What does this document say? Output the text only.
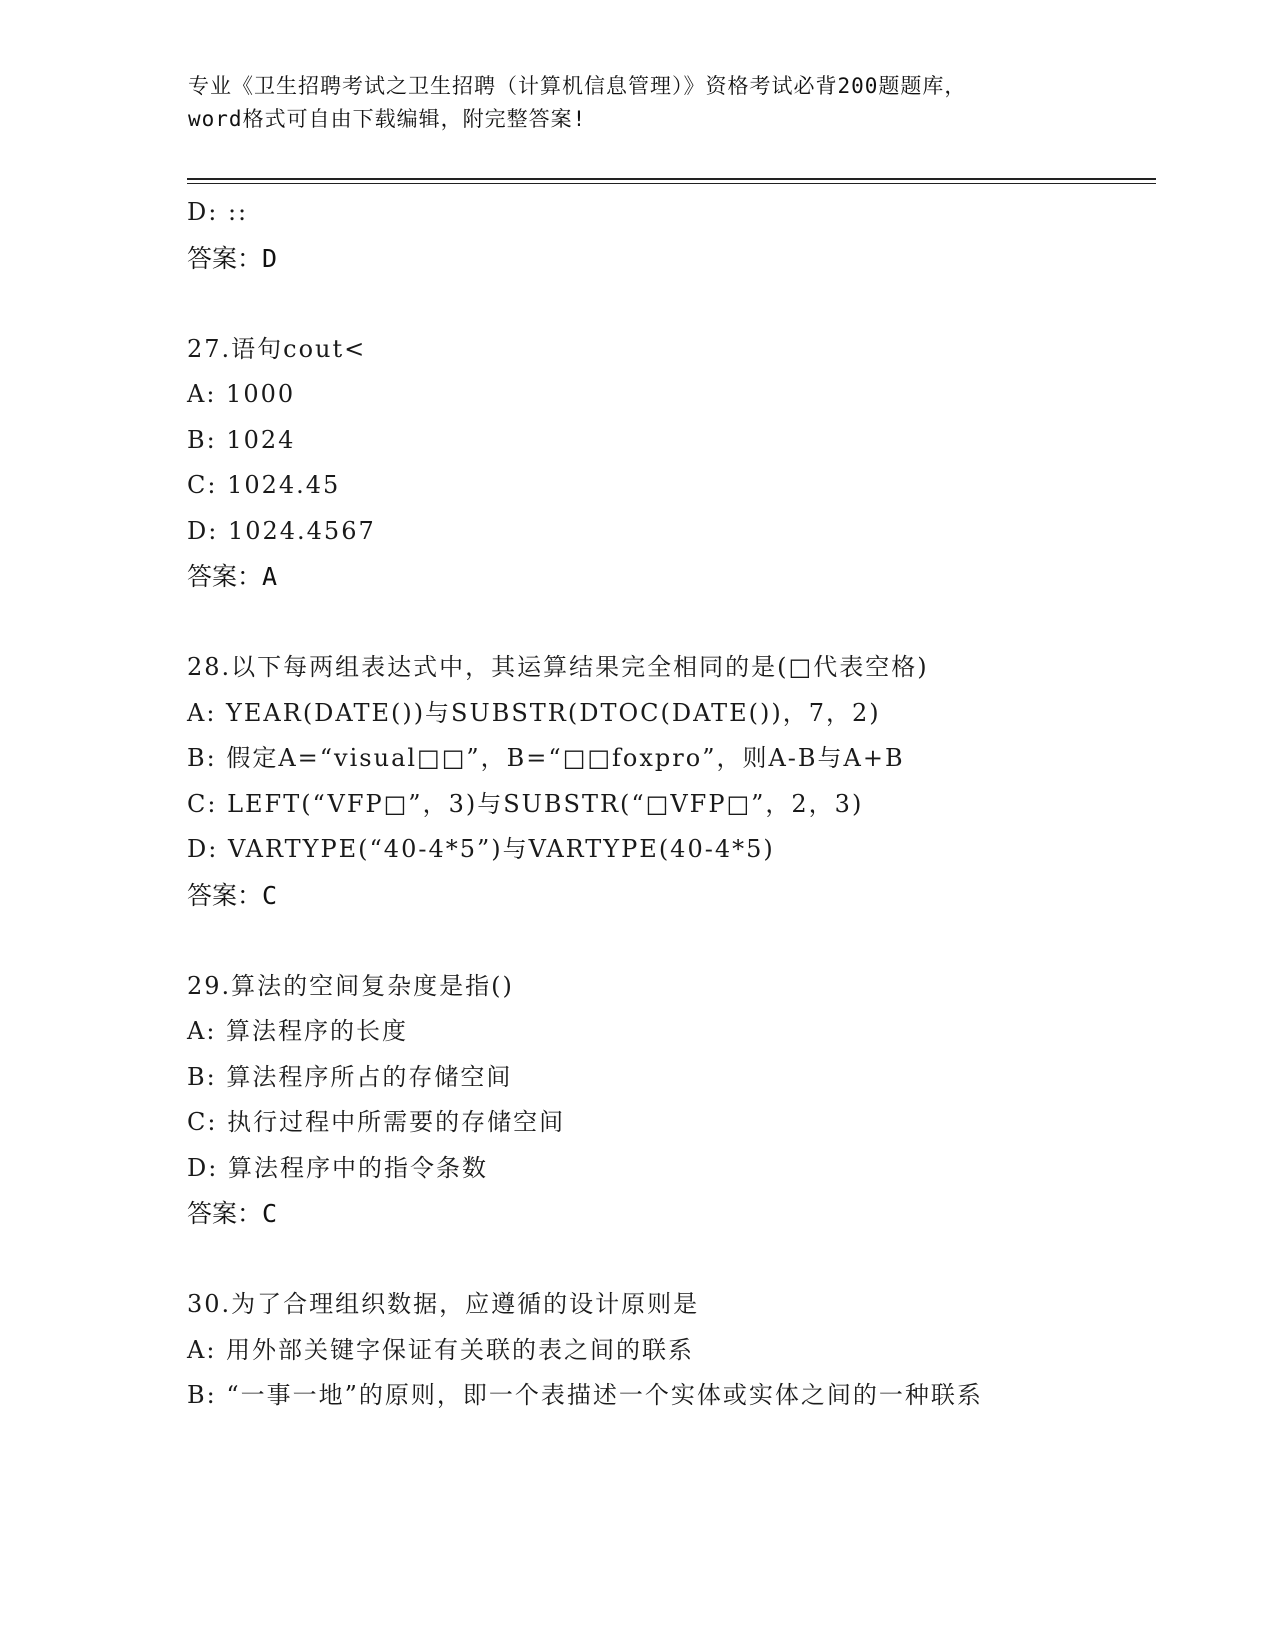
专业《卫生招聘考试之卫生招聘（计算机信息管理）》资格考试必背200题题库，
word格式可自由下载编辑，附完整答案!
D: ::
答案：D
27.语句cout<
A: 1000
B: 1024
C: 1024.45
D: 1024.4567
答案：A
28.以下每两组表达式中，其运算结果完全相同的是(□代表空格)
A: YEAR(DATE())与SUBSTR(DTOC(DATE())，7，2)
B: 假定A=“visual□□”，B=“□□foxpro”，则A-B与A+B
C: LEFT(“VFP□”，3)与SUBSTR(“□VFP□”，2，3)
D: VARTYPE(“40-4*5”)与VARTYPE(40-4*5)
答案：C
29.算法的空间复杂度是指()
A: 算法程序的长度
B: 算法程序所占的存储空间
C: 执行过程中所需要的存储空间
D: 算法程序中的指令条数
答案：C
30.为了合理组织数据，应遵循的设计原则是
A: 用外部关键字保证有关联的表之间的联系
B: “一事一地”的原则，即一个表描述一个实体或实体之间的一种联系
